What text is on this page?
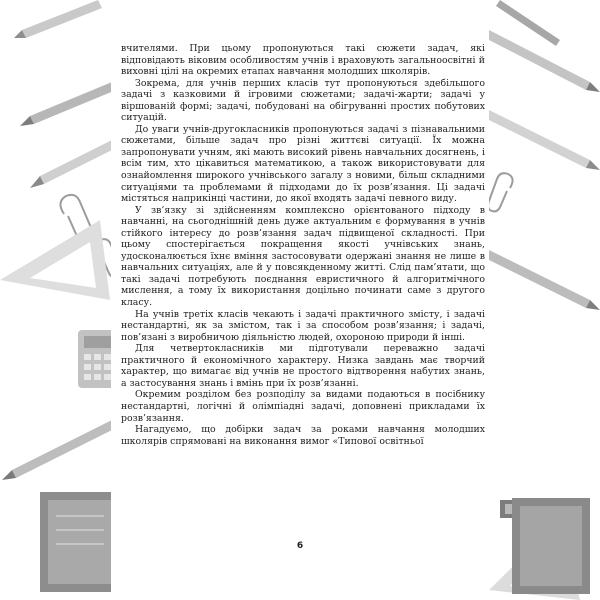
вчителями. При цьому пропонуються такі сюжети задач, які відповідають віковим особливостям учнів і враховують загальноосвітні й виховні цілі на окремих етапах навчання молодших школярів.

Зокрема, для учнів перших класів тут пропонуються здебільшого задачі з казковими й ігровими сюжетами; задачі-жарти; задачі у віршованій формі; задачі, побудовані на обігруванні простих побутових ситуацій.

До уваги учнів-другокласників пропонуються задачі з пізнавальними сюжетами, більше задач про різні життєві ситуації. Їх можна запропонувати учням, які мають високий рівень навчальних досягнень, і всім тим, хто цікавиться математикою, а також використовувати для ознайомлення широкого учнівського загалу з новими, більш складними ситуаціями та проблемами й підходами до їх розв’язання. Ці задачі містяться наприкінці частини, до якої входять задачі певного виду.

У зв’язку зі здійсненням комплексно орієнтованого підходу в навчанні, на сьогоднішній день дуже актуальним є формування в учнів стійкого інтересу до розв’язання задач підвищеної складності. При цьому спостерігається покращення якості учнівських знань, удосконалюється їхнє вміння застосовувати одержані знання не лише в навчальних ситуаціях, але й у повсякденному житті. Слід пам’ятати, що такі задачі потребують поєднання евристичного й алгоритмічного мислення, а тому їх використання доцільно починати саме з другого класу.

На учнів третіх класів чекають і задачі практичного змісту, і задачі нестандартні, як за змістом, так і за способом розв’язання; і задачі, пов’язані з виробничою діяльністю людей, охороною природи й інші.

Для четвертокласників ми підготували переважно задачі практичного й економічного характеру. Низка завдань має творчий характер, що вимагає від учнів не простого відтворення набутих знань, а застосування знань і вмінь при їх розв’язанні.

Окремим розділом без розподілу за видами подаються в посібнику нестандартні, логічні й олімпіадні задачі, доповнені прикладами їх розв’язання.

Нагадуємо, що добірки задач за роками навчання молодших школярів спрямовані на виконання вимог «Типової освітньої

6
